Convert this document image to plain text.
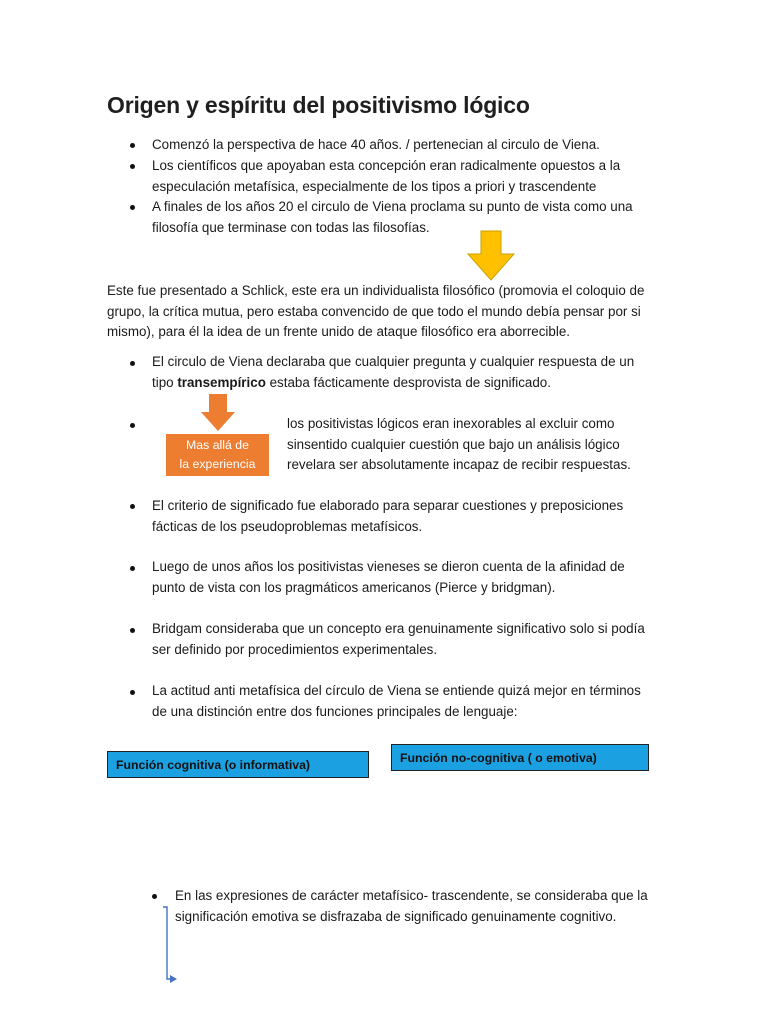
Origen y espíritu del positivismo lógico
Comenzó la perspectiva de hace 40 años. / pertenecian al circulo de Viena.
Los científicos que apoyaban esta concepción eran radicalmente opuestos a la
especulación metafísica, especialmente de los tipos a priori y trascendente
A finales de los años 20 el circulo de Viena proclama su punto de vista como una
filosofía que terminase con todas las filosofías.
Este fue presentado a Schlick, este era un individualista filosófico (promovia el coloquio de
grupo, la crítica mutua, pero estaba convencido de que todo el mundo debía pensar por si
mismo), para él la idea de un frente unido de ataque filosófico era aborrecible.
El circulo de Viena declaraba que cualquier pregunta y cualquier respuesta de un
tipo transempírico estaba fácticamente desprovista de significado.
Mas allá de
la experiencia
los positivistas lógicos eran inexorables al excluir como
sinsentido cualquier cuestión que bajo un análisis lógico
revelara ser absolutamente incapaz de recibir respuestas.
El criterio de significado fue elaborado para separar cuestiones y preposiciones
fácticas de los pseudoproblemas metafísicos.
Luego de unos años los positivistas vieneses se dieron cuenta de la afinidad de
punto de vista con los pragmáticos americanos (Pierce y bridgman).
Bridgam consideraba que un concepto era genuinamente significativo solo si podía
ser definido por procedimientos experimentales.
La actitud anti metafísica del círculo de Viena se entiende quizá mejor en términos
de una distinción entre dos funciones principales de lenguaje:
Función cognitiva (o informativa)	Función no-cognitiva ( o emotiva)
En las expresiones de carácter metafísico- trascendente, se consideraba que la
significación emotiva se disfrazaba de significado genuinamente cognitivo.
